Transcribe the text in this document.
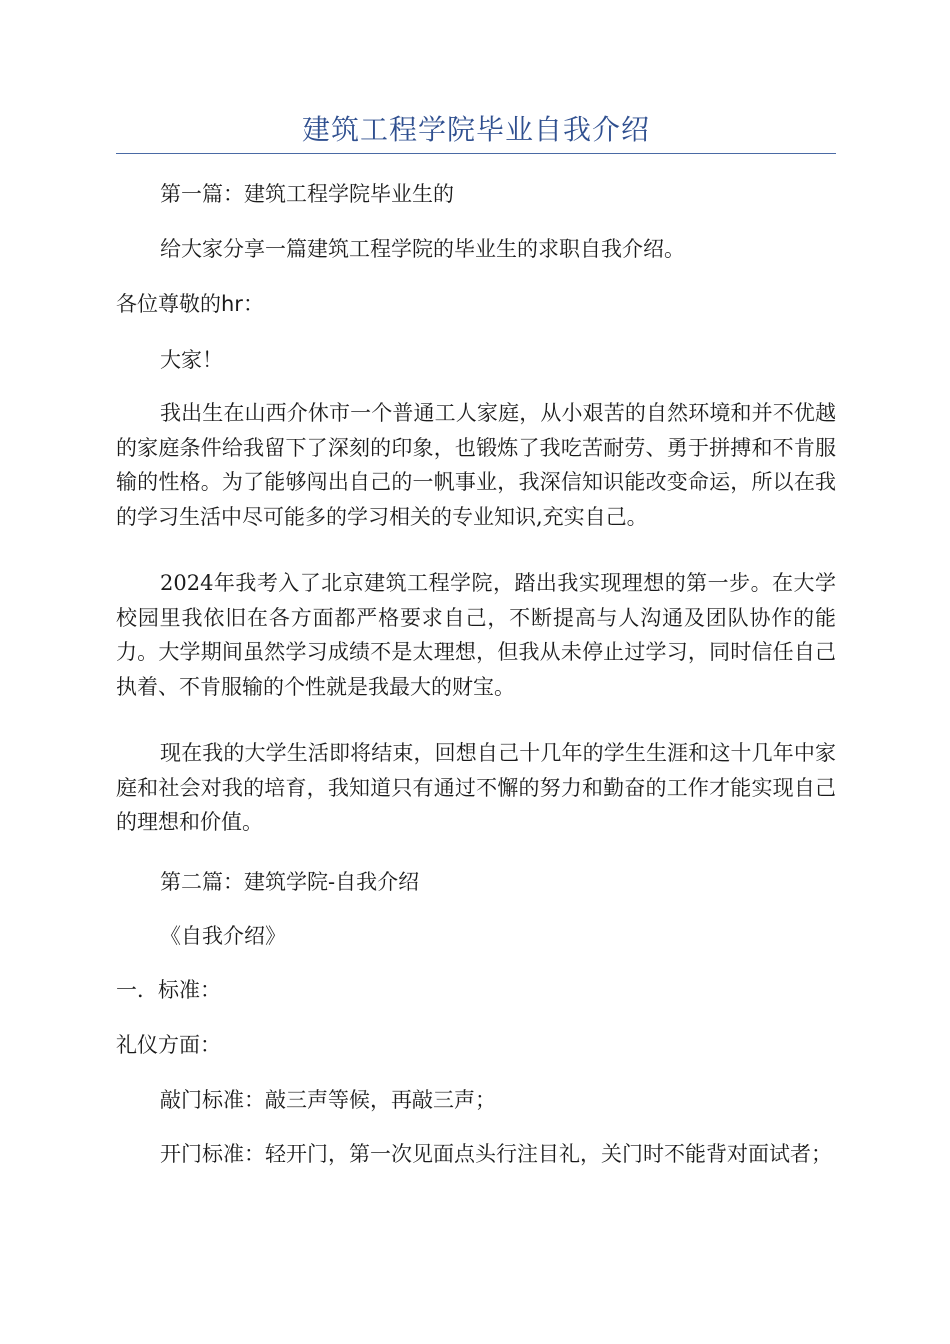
建筑工程学院毕业自我介绍
第一篇：建筑工程学院毕业生的
给大家分享一篇建筑工程学院的毕业生的求职自我介绍。
各位尊敬的hr：
大家！
我出生在山西介休市一个普通工人家庭，从小艰苦的自然环境和并不优越的家庭条件给我留下了深刻的印象，也锻炼了我吃苦耐劳、勇于拼搏和不肯服输的性格。为了能够闯出自己的一帆事业，我深信知识能改变命运，所以在我的学习生活中尽可能多的学习相关的专业知识,充实自己。
2024年我考入了北京建筑工程学院，踏出我实现理想的第一步。在大学校园里我依旧在各方面都严格要求自己，不断提高与人沟通及团队协作的能力。大学期间虽然学习成绩不是太理想，但我从未停止过学习，同时信任自己执着、不肯服输的个性就是我最大的财宝。
现在我的大学生活即将结束，回想自己十几年的学生生涯和这十几年中家庭和社会对我的培育，我知道只有通过不懈的努力和勤奋的工作才能实现自己的理想和价值。
第二篇：建筑学院-自我介绍
《自我介绍》
一．标准：
礼仪方面：
敲门标准：敲三声等候，再敲三声；
开门标准：轻开门，第一次见面点头行注目礼，关门时不能背对面试者；
